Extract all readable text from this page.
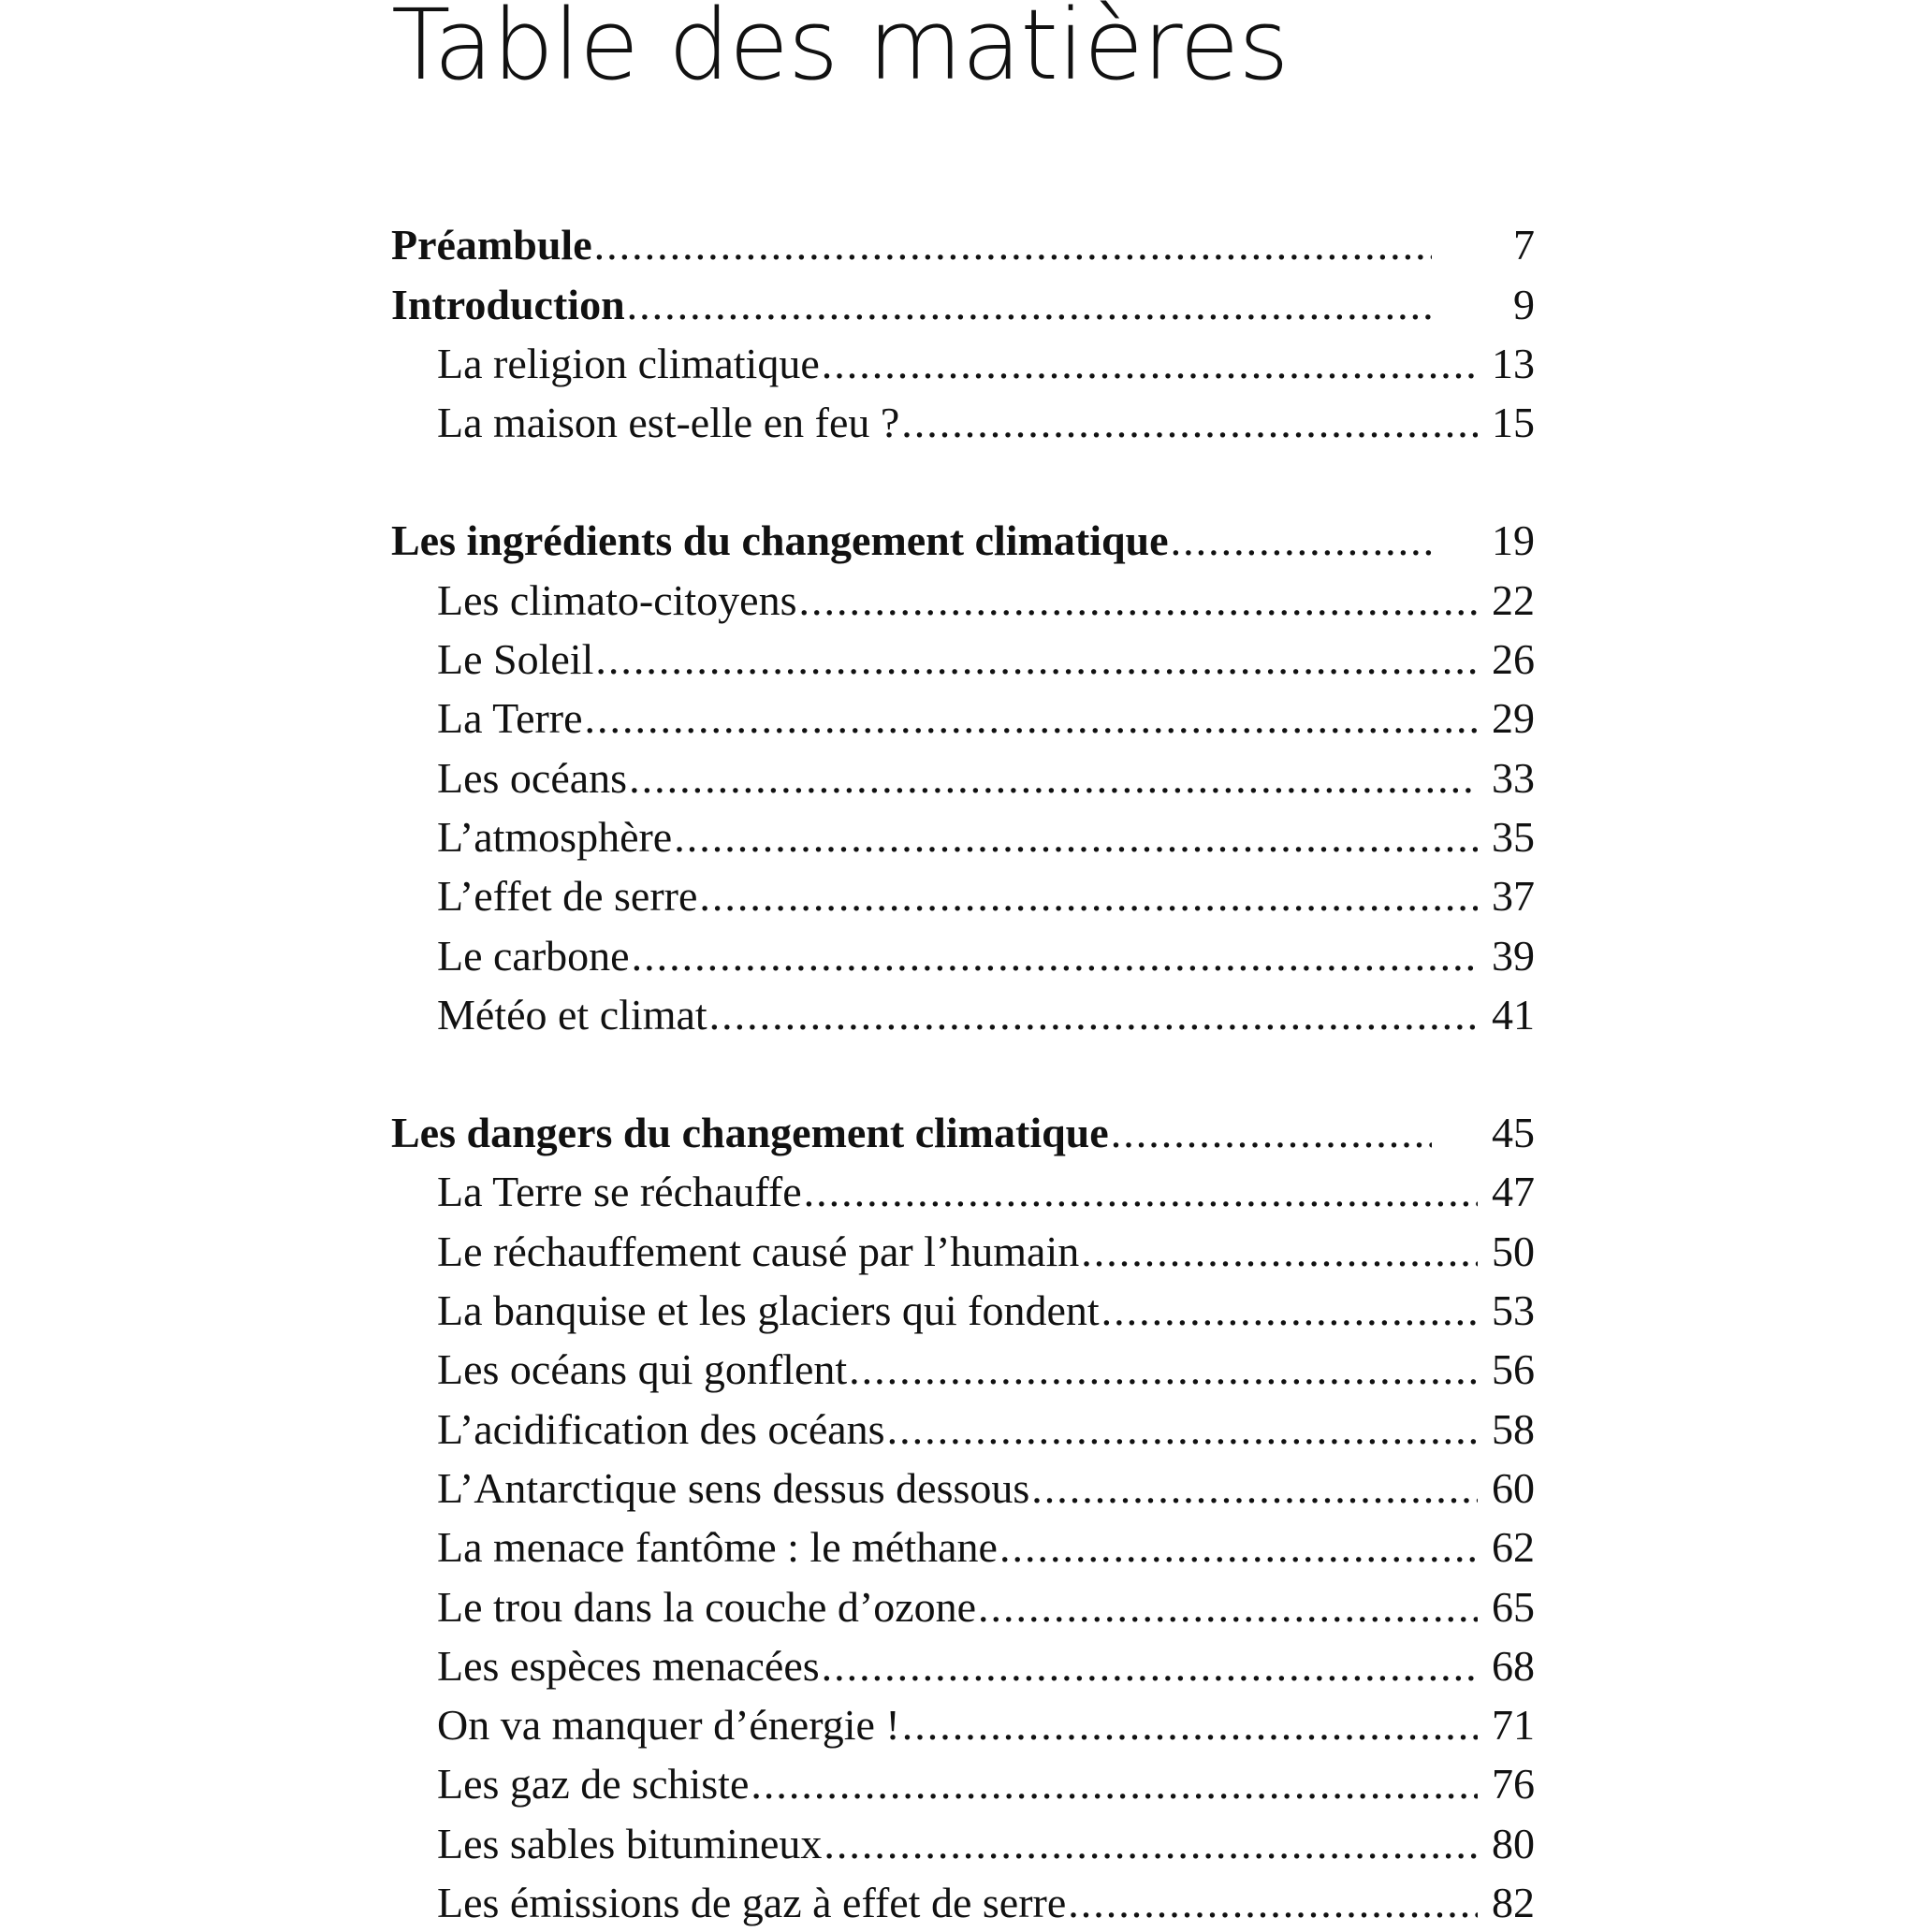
Table des matières
Préambule .....	7
Introduction .....	9
La religion climatique .....	13
La maison est-elle en feu ? .....	15
Les ingrédients du changement climatique .....	19
Les climato-citoyens .....	22
Le Soleil .....	26
La Terre .....	29
Les océans .....	33
L’atmosphère .....	35
L’effet de serre .....	37
Le carbone .....	39
Météo et climat .....	41
Les dangers du changement climatique .....	45
La Terre se réchauffe .....	47
Le réchauffement causé par l’humain .....	50
La banquise et les glaciers qui fondent .....	53
Les océans qui gonflent .....	56
L’acidification des océans .....	58
L’Antarctique sens dessus dessous .....	60
La menace fantôme : le méthane .....	62
Le trou dans la couche d’ozone .....	65
Les espèces menacées .....	68
On va manquer d’énergie ! .....	71
Les gaz de schiste .....	76
Les sables bitumineux .....	80
Les émissions de gaz à effet de serre .....	82
